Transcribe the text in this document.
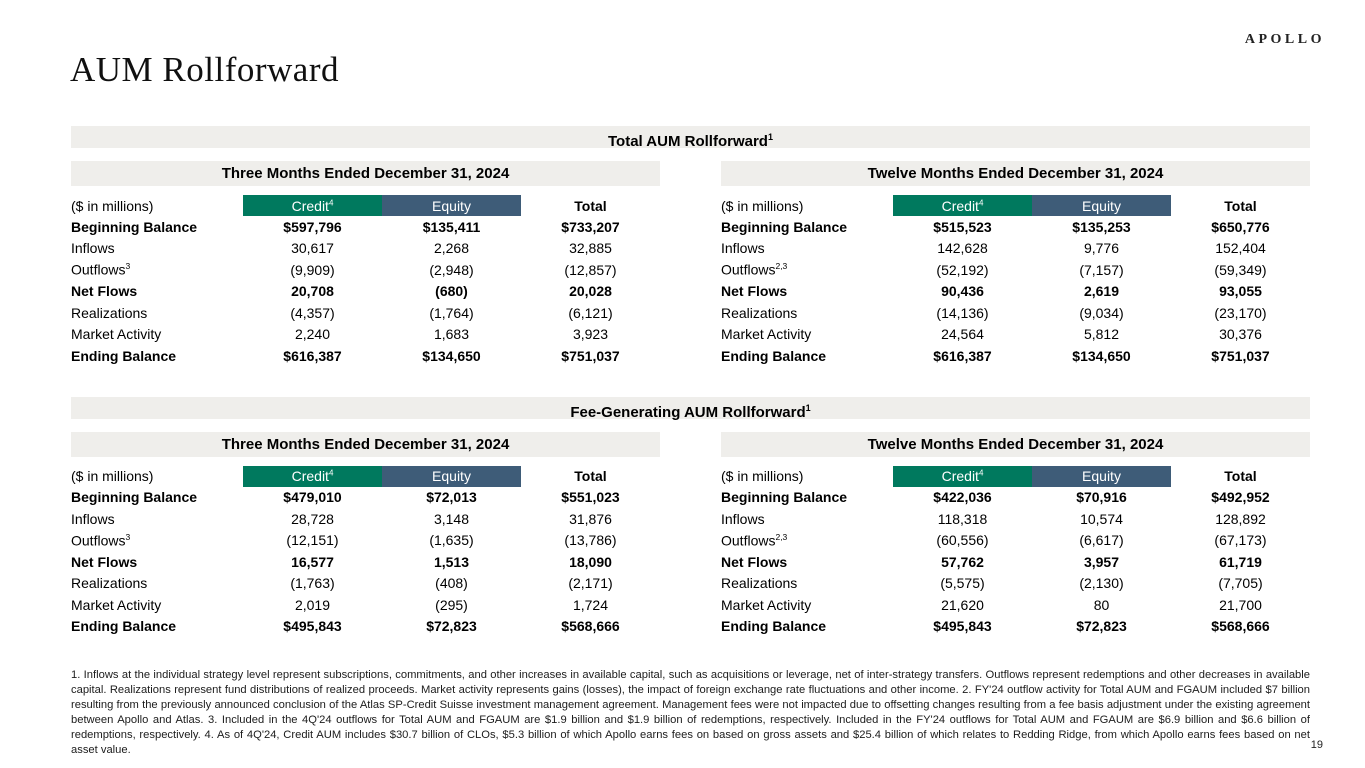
APOLLO
AUM Rollforward
Total AUM Rollforward$^1$
Three Months Ended December 31, 2024
($ in millions)	Credit$^4$	Equity	Total
Beginning Balance	$597,796	$135,411	$733,207
Inflows	30,617	2,268	32,885
Outflows$^3$	(9,909)	(2,948)	(12,857)
Net Flows	20,708	(680)	20,028
Realizations	(4,357)	(1,764)	(6,121)
Market Activity	2,240	1,683	3,923
Ending Balance	$616,387	$134,650	$751,037
Twelve Months Ended December 31, 2024
($ in millions)	Credit$^4$	Equity	Total
Beginning Balance	$515,523	$135,253	$650,776
Inflows	142,628	9,776	152,404
Outflows$^{2,3}$	(52,192)	(7,157)	(59,349)
Net Flows	90,436	2,619	93,055
Realizations	(14,136)	(9,034)	(23,170)
Market Activity	24,564	5,812	30,376
Ending Balance	$616,387	$134,650	$751,037
Fee-Generating AUM Rollforward$^1$
Three Months Ended December 31, 2024
($ in millions)	Credit$^4$	Equity	Total
Beginning Balance	$479,010	$72,013	$551,023
Inflows	28,728	3,148	31,876
Outflows$^3$	(12,151)	(1,635)	(13,786)
Net Flows	16,577	1,513	18,090
Realizations	(1,763)	(408)	(2,171)
Market Activity	2,019	(295)	1,724
Ending Balance	$495,843	$72,823	$568,666
Twelve Months Ended December 31, 2024
($ in millions)	Credit$^4$	Equity	Total
Beginning Balance	$422,036	$70,916	$492,952
Inflows	118,318	10,574	128,892
Outflows$^{2,3}$	(60,556)	(6,617)	(67,173)
Net Flows	57,762	3,957	61,719
Realizations	(5,575)	(2,130)	(7,705)
Market Activity	21,620	80	21,700
Ending Balance	$495,843	$72,823	$568,666

1. Inflows at the individual strategy level represent subscriptions, commitments, and other increases in available capital, such as acquisitions or leverage, net of inter-strategy transfers. Outflows represent redemptions and other decreases in available capital. Realizations represent fund distributions of realized proceeds. Market activity represents gains (losses), the impact of foreign exchange rate fluctuations and other income. 2. FY'24 outflow activity for Total AUM and FGAUM included $7 billion resulting from the previously announced conclusion of the Atlas SP-Credit Suisse investment management agreement. Management fees were not impacted due to offsetting changes resulting from a fee basis adjustment under the existing agreement between Apollo and Atlas. 3. Included in the 4Q'24 outflows for Total AUM and FGAUM are $1.9 billion and $1.9 billion of redemptions, respectively. Included in the FY'24 outflows for Total AUM and FGAUM are $6.9 billion and $6.6 billion of redemptions, respectively. 4. As of 4Q'24, Credit AUM includes $30.7 billion of CLOs, $5.3 billion of which Apollo earns fees on based on gross assets and $25.4 billion of which relates to Redding Ridge, from which Apollo earns fees based on net asset value.	19
